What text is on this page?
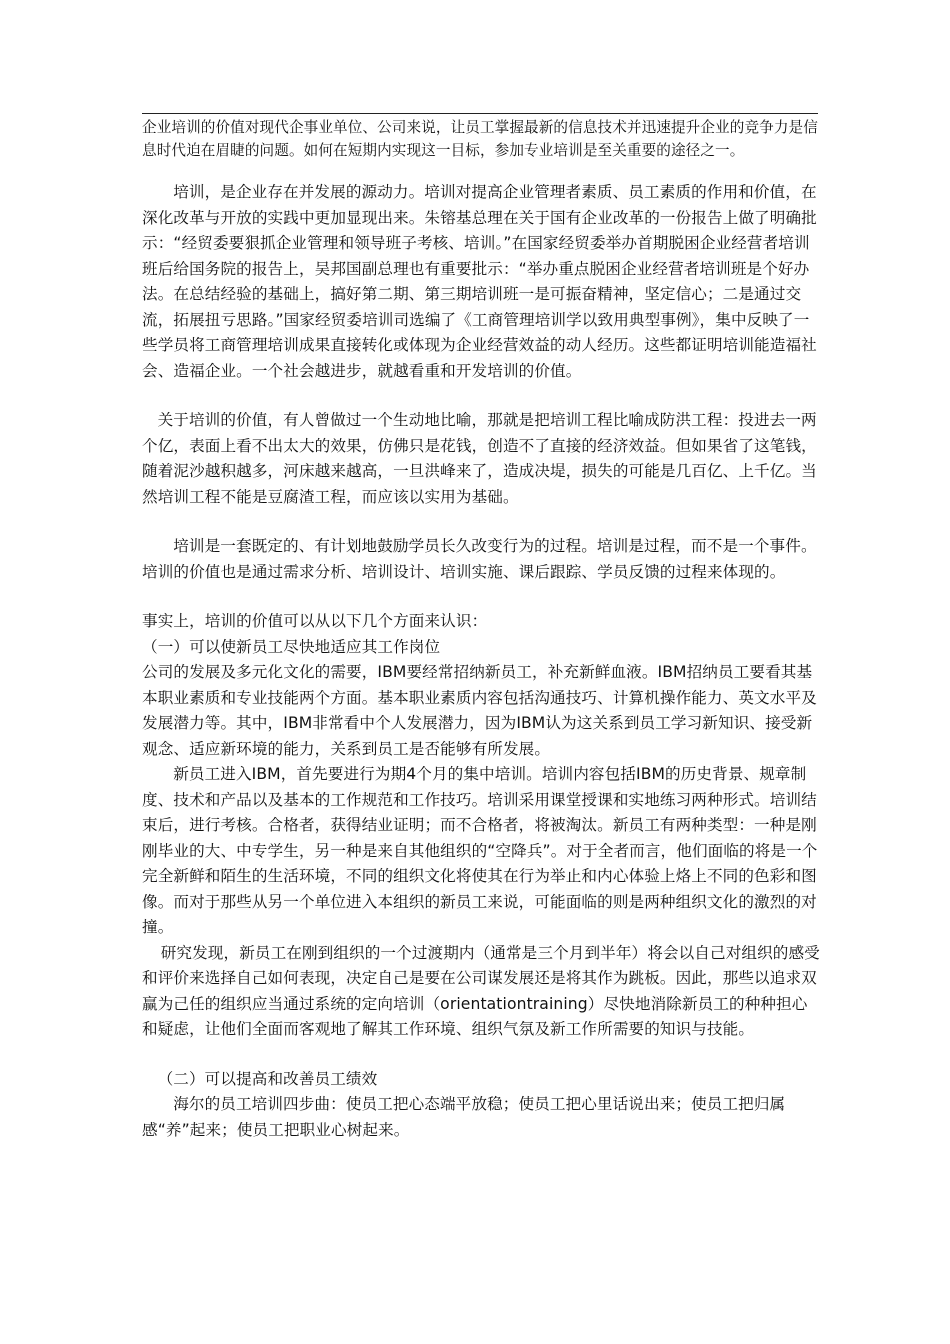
企业培训的价值对现代企事业单位、公司来说，让员工掌握最新的信息技术并迅速提升企业的竞争力是信息时代迫在眉睫的问题。如何在短期内实现这一目标，参加专业培训是至关重要的途径之一。

培训，是企业存在并发展的源动力。培训对提高企业管理者素质、员工素质的作用和价值，在深化改革与开放的实践中更加显现出来。朱镕基总理在关于国有企业改革的一份报告上做了明确批示：“经贸委要狠抓企业管理和领导班子考核、培训。”在国家经贸委举办首期脱困企业经营者培训班后给国务院的报告上，吴邦国副总理也有重要批示：“举办重点脱困企业经营者培训班是个好办法。在总结经验的基础上，搞好第二期、第三期培训班一是可振奋精神，坚定信心；二是通过交流，拓展扭亏思路。”国家经贸委培训司选编了《工商管理培训学以致用典型事例》，集中反映了一些学员将工商管理培训成果直接转化或体现为企业经营效益的动人经历。这些都证明培训能造福社会、造福企业。一个社会越进步，就越看重和开发培训的价值。

关于培训的价值，有人曾做过一个生动地比喻，那就是把培训工程比喻成防洪工程：投进去一两个亿，表面上看不出太大的效果，仿佛只是花钱，创造不了直接的经济效益。但如果省了这笔钱，随着泥沙越积越多，河床越来越高，一旦洪峰来了，造成决堤，损失的可能是几百亿、上千亿。当然培训工程不能是豆腐渣工程，而应该以实用为基础。

培训是一套既定的、有计划地鼓励学员长久改变行为的过程。培训是过程，而不是一个事件。培训的价值也是通过需求分析、培训设计、培训实施、课后跟踪、学员反馈的过程来体现的。

事实上，培训的价值可以从以下几个方面来认识：

（一）可以使新员工尽快地适应其工作岗位

公司的发展及多元化文化的需要，IBM要经常招纳新员工，补充新鲜血液。IBM招纳员工要看其基本职业素质和专业技能两个方面。基本职业素质内容包括沟通技巧、计算机操作能力、英文水平及发展潜力等。其中，IBM非常看中个人发展潜力，因为IBM认为这关系到员工学习新知识、接受新观念、适应新环境的能力，关系到员工是否能够有所发展。

新员工进入IBM，首先要进行为期4个月的集中培训。培训内容包括IBM的历史背景、规章制度、技术和产品以及基本的工作规范和工作技巧。培训采用课堂授课和实地练习两种形式。培训结束后，进行考核。合格者，获得结业证明；而不合格者，将被淘汰。新员工有两种类型：一种是刚刚毕业的大、中专学生，另一种是来自其他组织的“空降兵”。对于全者而言，他们面临的将是一个完全新鲜和陌生的生活环境，不同的组织文化将使其在行为举止和内心体验上烙上不同的色彩和图像。而对于那些从另一个单位进入本组织的新员工来说，可能面临的则是两种组织文化的激烈的对撞。

研究发现，新员工在刚到组织的一个过渡期内（通常是三个月到半年）将会以自己对组织的感受和评价来选择自己如何表现，决定自己是要在公司谋发展还是将其作为跳板。因此，那些以追求双赢为己任的组织应当通过系统的定向培训（orientationtraining）尽快地消除新员工的种种担心和疑虑，让他们全面而客观地了解其工作环境、组织气氛及新工作所需要的知识与技能。

（二）可以提高和改善员工绩效

海尔的员工培训四步曲：使员工把心态端平放稳；使员工把心里话说出来；使员工把归属感“养”起来；使员工把职业心树起来。
